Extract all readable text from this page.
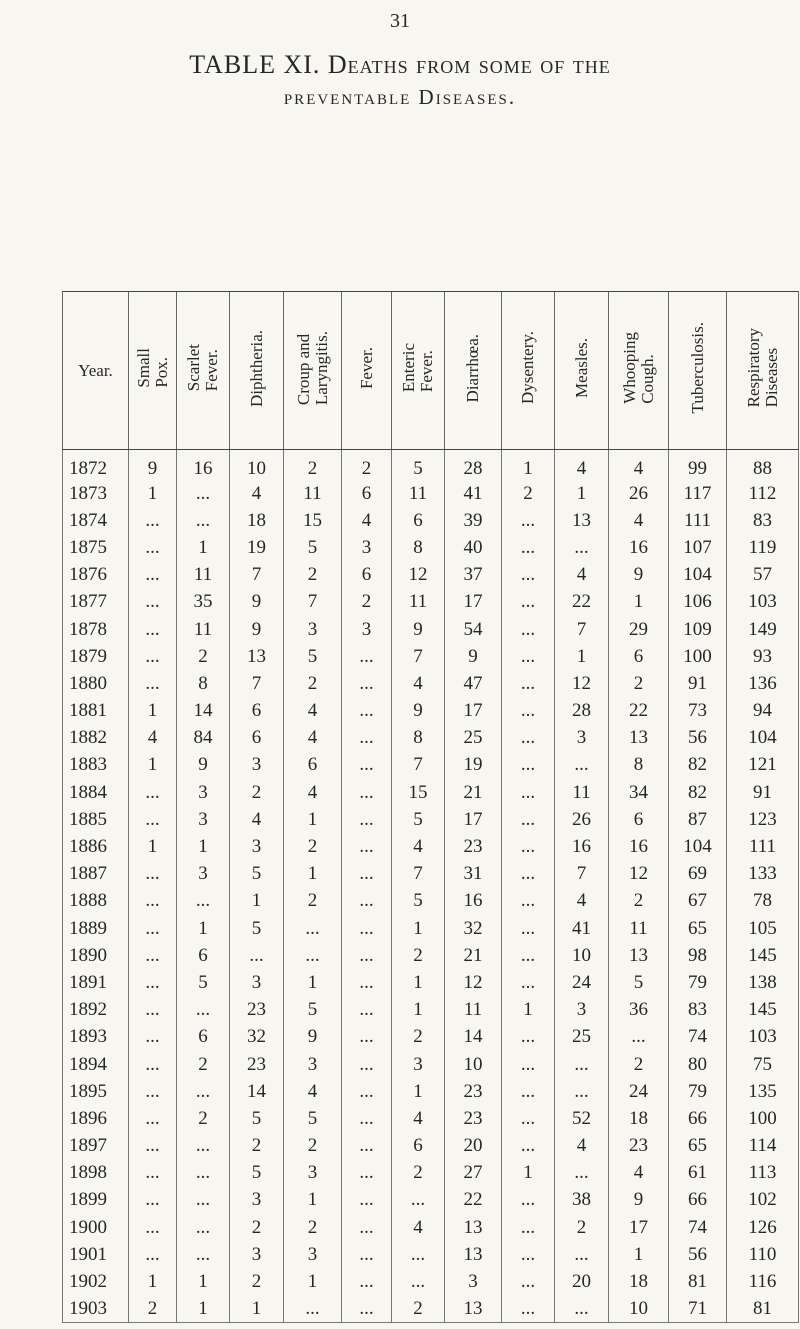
31
TABLE XI. Deaths from some of the
preventable Diseases.
Year.	Small
Pox.	Scarlet
Fever.	Diphtheria.	Croup and
Laryngitis.	Fever.	Enteric
Fever.	Diarrhœa.	Dysentery.	Measles.	Whooping
Cough.	Tuberculosis.	Respiratory
Diseases
1872	9	16	10	2	2	5	28	1	4	4	99	88
1873	1	...	4	11	6	11	41	2	1	26	117	112
1874	...	...	18	15	4	6	39	...	13	4	111	83
1875	...	1	19	5	3	8	40	...	...	16	107	119
1876	...	11	7	2	6	12	37	...	4	9	104	57
1877	...	35	9	7	2	11	17	...	22	1	106	103
1878	...	11	9	3	3	9	54	...	7	29	109	149
1879	...	2	13	5	...	7	9	...	1	6	100	93
1880	...	8	7	2	...	4	47	...	12	2	91	136
1881	1	14	6	4	...	9	17	...	28	22	73	94
1882	4	84	6	4	...	8	25	...	3	13	56	104
1883	1	9	3	6	...	7	19	...	...	8	82	121
1884	...	3	2	4	...	15	21	...	11	34	82	91
1885	...	3	4	1	...	5	17	...	26	6	87	123
1886	1	1	3	2	...	4	23	...	16	16	104	111
1887	...	3	5	1	...	7	31	...	7	12	69	133
1888	...	...	1	2	...	5	16	...	4	2	67	78
1889	...	1	5	...	...	1	32	...	41	11	65	105
1890	...	6	...	...	...	2	21	...	10	13	98	145
1891	...	5	3	1	...	1	12	...	24	5	79	138
1892	...	...	23	5	...	1	11	1	3	36	83	145
1893	...	6	32	9	...	2	14	...	25	...	74	103
1894	...	2	23	3	...	3	10	...	...	2	80	75
1895	...	...	14	4	...	1	23	...	...	24	79	135
1896	...	2	5	5	...	4	23	...	52	18	66	100
1897	...	...	2	2	...	6	20	...	4	23	65	114
1898	...	...	5	3	...	2	27	1	...	4	61	113
1899	...	...	3	1	...	...	22	...	38	9	66	102
1900	...	...	2	2	...	4	13	...	2	17	74	126
1901	...	...	3	3	...	...	13	...	...	1	56	110
1902	1	1	2	1	...	...	3	...	20	18	81	116
1903	2	1	1	...	...	2	13	...	...	10	71	81
